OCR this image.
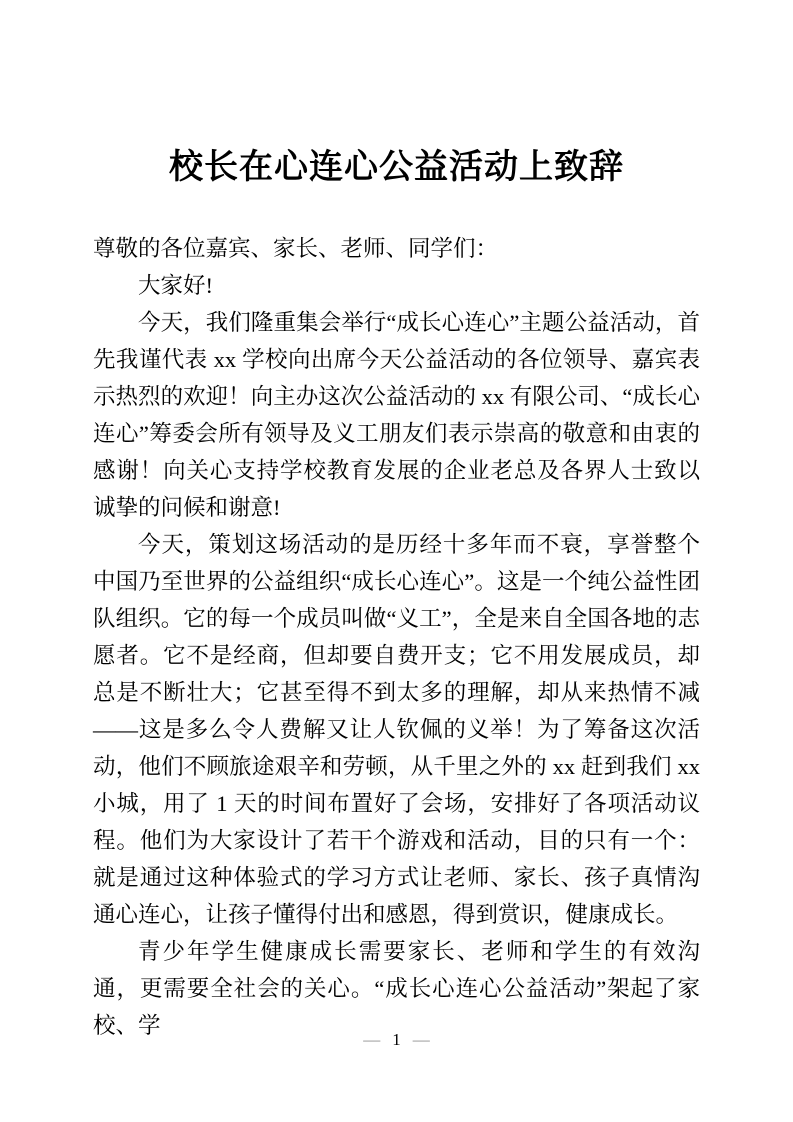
校长在心连心公益活动上致辞

尊敬的各位嘉宾、家长、老师、同学们：

大家好!

今天，我们隆重集会举行“成长心连心”主题公益活动，首先我谨代表 xx 学校向出席今天公益活动的各位领导、嘉宾表示热烈的欢迎！向主办这次公益活动的 xx 有限公司、“成长心连心”筹委会所有领导及义工朋友们表示崇高的敬意和由衷的感谢！向关心支持学校教育发展的企业老总及各界人士致以诚挚的问候和谢意!

今天，策划这场活动的是历经十多年而不衰，享誉整个中国乃至世界的公益组织“成长心连心”。这是一个纯公益性团队组织。它的每一个成员叫做“义工”，全是来自全国各地的志愿者。它不是经商，但却要自费开支；它不用发展成员，却总是不断壮大；它甚至得不到太多的理解，却从来热情不减——这是多么令人费解又让人钦佩的义举！为了筹备这次活动，他们不顾旅途艰辛和劳顿，从千里之外的 xx 赶到我们 xx 小城，用了 1 天的时间布置好了会场，安排好了各项活动议程。他们为大家设计了若干个游戏和活动，目的只有一个：就是通过这种体验式的学习方式让老师、家长、孩子真情沟通心连心，让孩子懂得付出和感恩，得到赏识，健康成长。

青少年学生健康成长需要家长、老师和学生的有效沟通，更需要全社会的关心。“成长心连心公益活动”架起了家校、学

— 1 —
